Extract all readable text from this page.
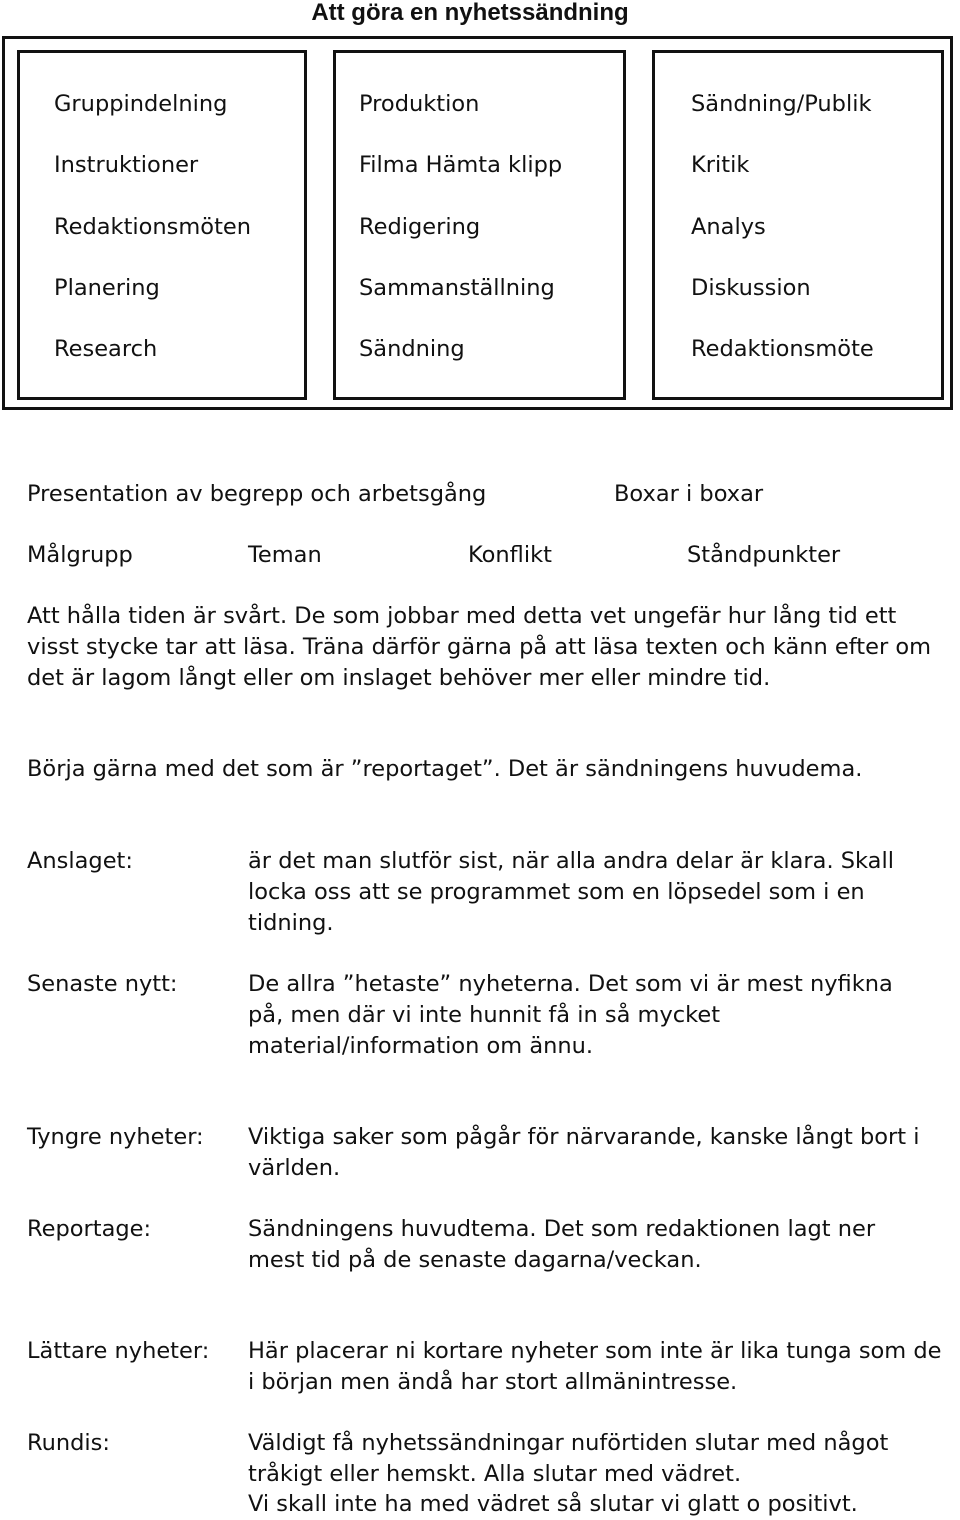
Att göra en nyhetssändning
Gruppindelning
Instruktioner
Redaktionsmöten
Planering
Research
Produktion
Filma Hämta klipp
Redigering
Sammanställning
Sändning
Sändning/Publik
Kritik
Analys
Diskussion
Redaktionsmöte
Presentation av begrepp och arbetsgång	Boxar i boxar
Målgrupp	Teman	Konflikt	Ståndpunkter
Att hålla tiden är svårt. De som jobbar med detta vet ungefär hur lång tid ett visst stycke tar att läsa. Träna därför gärna på att läsa texten och känn efter om det är lagom långt eller om inslaget behöver mer eller mindre tid.
Börja gärna med det som är ”reportaget”. Det är sändningens huvudema.
Anslaget:	är det man slutför sist, när alla andra delar är klara. Skall locka oss att se programmet som en löpsedel som i en tidning.
Senaste nytt:	De allra ”hetaste” nyheterna. Det som vi är mest nyfikna på, men där vi inte hunnit få in så mycket material/information om ännu.
Tyngre nyheter: Viktiga saker som pågår för närvarande, kanske långt bort i världen.
Reportage:	Sändningens huvudtema. Det som redaktionen lagt ner mest tid på de senaste dagarna/veckan.
Lättare nyheter: Här placerar ni kortare nyheter som inte är lika tunga som de i början men ändå har stort allmänintresse.
Rundis:	Väldigt få nyhetssändningar nuförtiden slutar med något tråkigt eller hemskt. Alla slutar med vädret.
Vi skall inte ha med vädret så slutar vi glatt o positivt.
